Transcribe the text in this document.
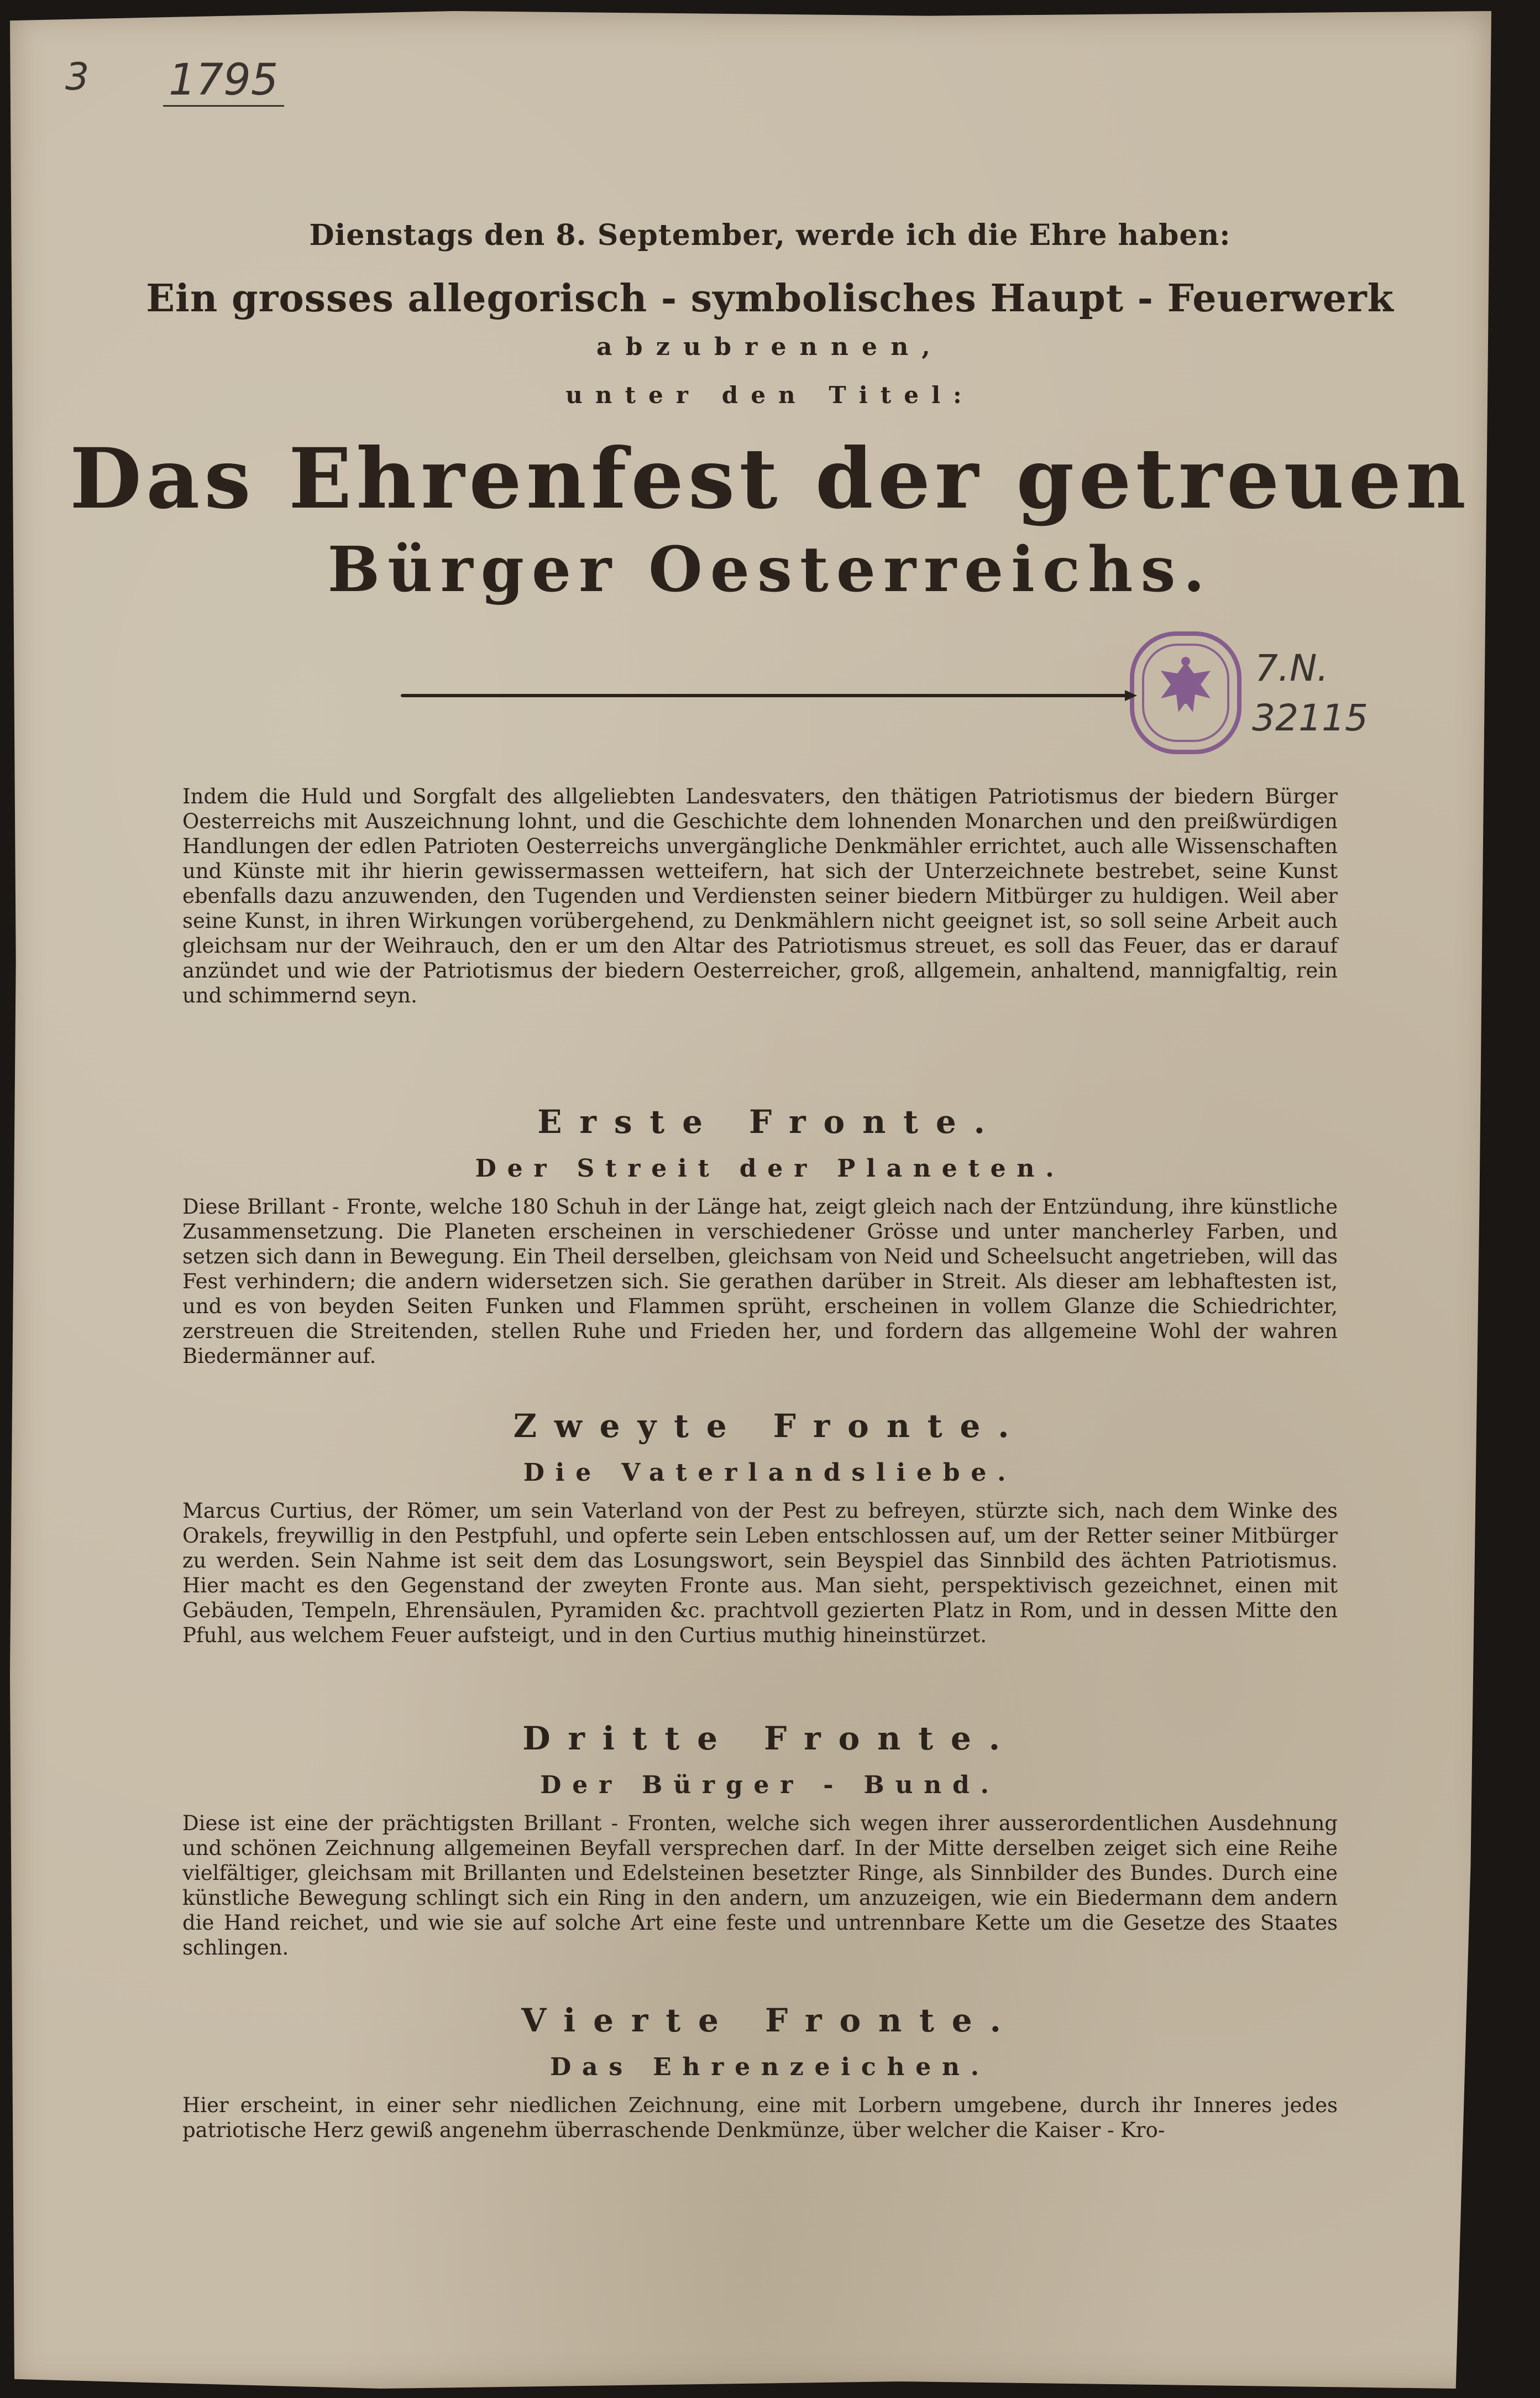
3 1795
7.N.
32115
Dienstags den 8. September, werde ich die Ehre haben:
Ein grosses allegorisch - symbolisches Haupt - Feuerwerk
abzubrennen,
unter den Titel:
Das Ehrenfest der getreuen
Bürger Oesterreichs.
Indem die Huld und Sorgfalt des allgeliebten Landesvaters, den thätigen Patriotismus der biedern Bürger Oesterreichs mit Auszeichnung lohnt, und die Geschichte dem lohnenden Monarchen und den preißwürdigen Handlungen der edlen Patrioten Oesterreichs unvergängliche Denkmähler errichtet, auch alle Wissenschaften und Künste mit ihr hierin gewissermassen wetteifern, hat sich der Unterzeichnete bestrebet, seine Kunst ebenfalls dazu anzuwenden, den Tugenden und Verdiensten seiner biedern Mitbürger zu huldigen. Weil aber seine Kunst, in ihren Wirkungen vorübergehend, zu Denkmählern nicht geeignet ist, so soll seine Arbeit auch gleichsam nur der Weihrauch, den er um den Altar des Patriotismus streuet, es soll das Feuer, das er darauf anzündet und wie der Patriotismus der biedern Oesterreicher, groß, allgemein, anhaltend, mannigfaltig, rein und schimmernd seyn.
Erste Fronte.
Der Streit der Planeten.
Diese Brillant - Fronte, welche 180 Schuh in der Länge hat, zeigt gleich nach der Entzündung, ihre künstliche Zusammensetzung. Die Planeten erscheinen in verschiedener Grösse und unter mancherley Farben, und setzen sich dann in Bewegung. Ein Theil derselben, gleichsam von Neid und Scheelsucht angetrieben, will das Fest verhindern; die andern widersetzen sich. Sie gerathen darüber in Streit. Als dieser am lebhaftesten ist, und es von beyden Seiten Funken und Flammen sprüht, erscheinen in vollem Glanze die Schiedrichter, zerstreuen die Streitenden, stellen Ruhe und Frieden her, und fordern das allgemeine Wohl der wahren Biedermänner auf.
Zweyte Fronte.
Die Vaterlandsliebe.
Marcus Curtius, der Römer, um sein Vaterland von der Pest zu befreyen, stürzte sich, nach dem Winke des Orakels, freywillig in den Pestpfuhl, und opferte sein Leben entschlossen auf, um der Retter seiner Mitbürger zu werden. Sein Nahme ist seit dem das Losungswort, sein Beyspiel das Sinnbild des ächten Patriotismus. Hier macht es den Gegenstand der zweyten Fronte aus. Man sieht, perspektivisch gezeichnet, einen mit Gebäuden, Tempeln, Ehrensäulen, Pyramiden &c. prachtvoll gezierten Platz in Rom, und in dessen Mitte den Pfuhl, aus welchem Feuer aufsteigt, und in den Curtius muthig hineinstürzet.
Dritte Fronte.
Der Bürger - Bund.
Diese ist eine der prächtigsten Brillant - Fronten, welche sich wegen ihrer ausserordentlichen Ausdehnung und schönen Zeichnung allgemeinen Beyfall versprechen darf. In der Mitte derselben zeiget sich eine Reihe vielfältiger, gleichsam mit Brillanten und Edelsteinen besetzter Ringe, als Sinnbilder des Bundes. Durch eine künstliche Bewegung schlingt sich ein Ring in den andern, um anzuzeigen, wie ein Biedermann dem andern die Hand reichet, und wie sie auf solche Art eine feste und untrennbare Kette um die Gesetze des Staates schlingen.
Vierte Fronte.
Das Ehrenzeichen.
Hier erscheint, in einer sehr niedlichen Zeichnung, eine mit Lorbern umgebene, durch ihr Inneres jedes patriotische Herz gewiß angenehm überraschende Denkmünze, über welcher die Kaiser - Kro-
